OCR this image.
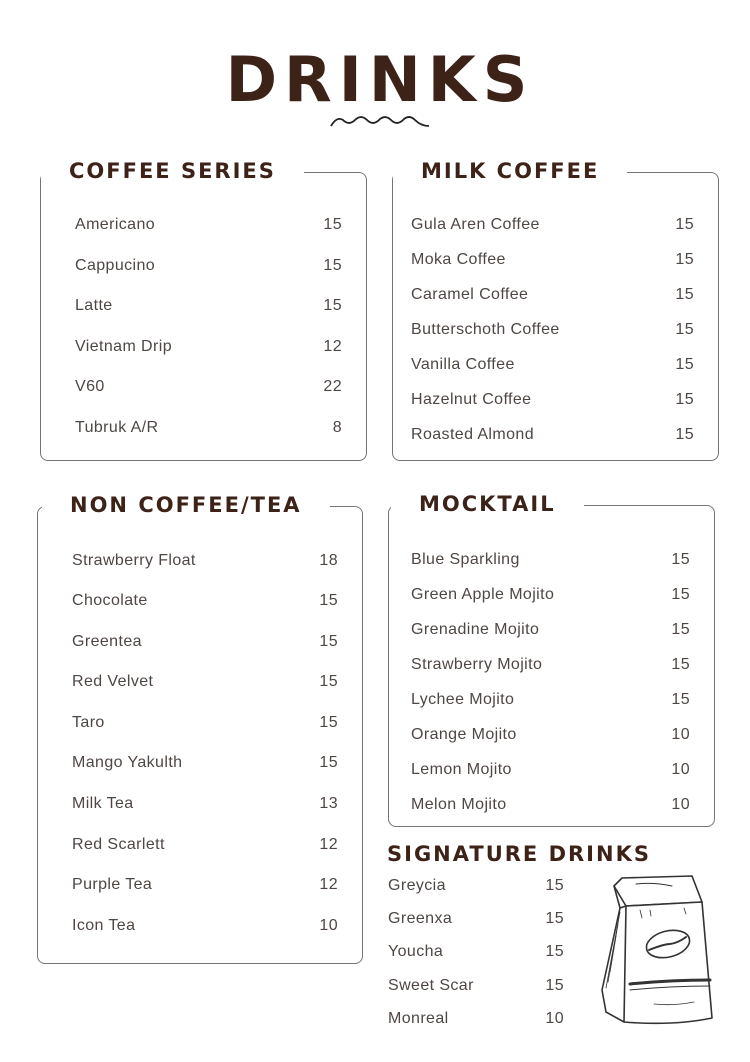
DRINKS
COFFEE SERIES
Americano	15
Cappucino	15
Latte	15
Vietnam Drip	12
V60	22
Tubruk A/R	8
MILK COFFEE
Gula Aren Coffee	15
Moka Coffee	15
Caramel Coffee	15
Butterschoth Coffee	15
Vanilla Coffee	15
Hazelnut Coffee	15
Roasted Almond	15
NON COFFEE/TEA
Strawberry Float	18
Chocolate	15
Greentea	15
Red Velvet	15
Taro	15
Mango Yakulth	15
Milk Tea	13
Red Scarlett	12
Purple Tea	12
Icon Tea	10
MOCKTAIL
Blue Sparkling	15
Green Apple Mojito	15
Grenadine Mojito	15
Strawberry Mojito	15
Lychee Mojito	15
Orange Mojito	10
Lemon Mojito	10
Melon Mojito	10
SIGNATURE DRINKS
Greycia	15
Greenxa	15
Youcha	15
Sweet Scar	15
Monreal	10
